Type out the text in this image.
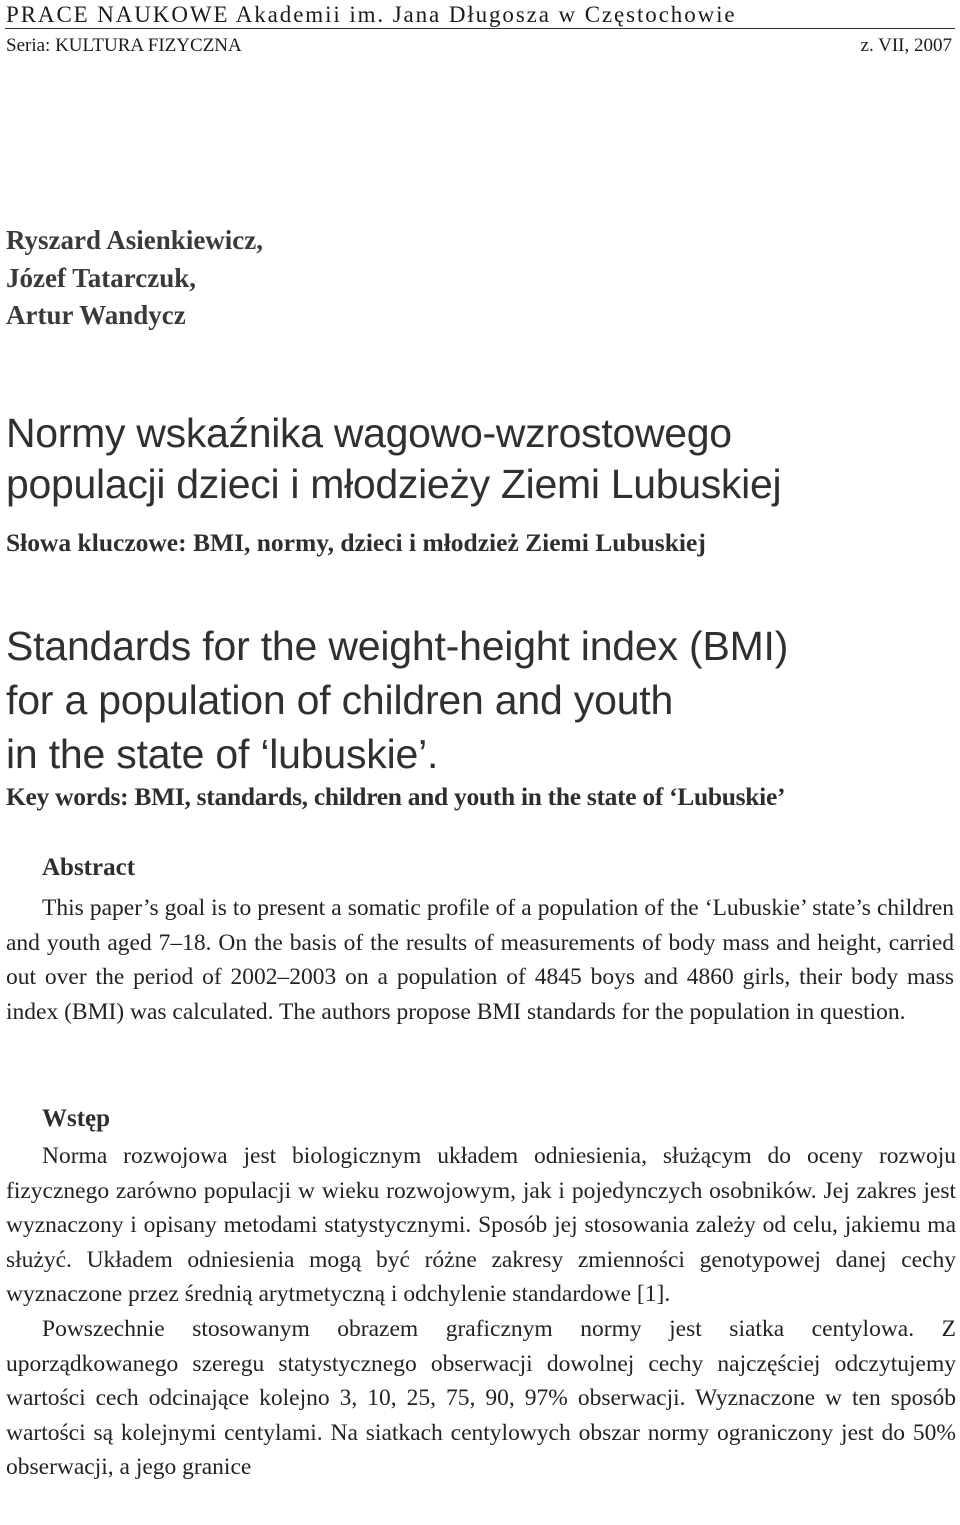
PRACE NAUKOWE Akademii im. Jana Długosza w Częstochowie
Seria: KULTURA FIZYCZNA	z. VII, 2007
Ryszard Asienkiewicz,
Józef Tatarczuk,
Artur Wandycz
Normy wskaźnika wagowo-wzrostowego
populacji dzieci i młodzieży Ziemi Lubuskiej
Słowa kluczowe: BMI, normy, dzieci i młodzież Ziemi Lubuskiej
Standards for the weight-height index (BMI)
for a population of children and youth
in the state of ‘lubuskie’.
Key words: BMI, standards, children and youth in the state of ‘Lubuskie’
Abstract
This paper’s goal is to present a somatic profile of a population of the ‘Lubuskie’ state’s children and youth aged 7–18. On the basis of the results of measurements of body mass and height, carried out over the period of 2002–2003 on a population of 4845 boys and 4860 girls, their body mass index (BMI) was calculated. The authors propose BMI standards for the population in question.
Wstęp

Norma rozwojowa jest biologicznym układem odniesienia, służącym do oceny rozwoju fizycznego zarówno populacji w wieku rozwojowym, jak i pojedynczych osobników. Jej zakres jest wyznaczony i opisany metodami statystycznymi. Sposób jej stosowania zależy od celu, jakiemu ma służyć. Układem odniesienia mogą być różne zakresy zmienności genotypowej danej cechy wyznaczone przez średnią arytmetyczną i odchylenie standardowe [1].

Powszechnie stosowanym obrazem graficznym normy jest siatka centylowa. Z uporządkowanego szeregu statystycznego obserwacji dowolnej cechy najczęściej odczytujemy wartości cech odcinające kolejno 3, 10, 25, 75, 90, 97% obserwacji. Wyznaczone w ten sposób wartości są kolejnymi centylami. Na siatkach centylowych obszar normy ograniczony jest do 50% obserwacji, a jego granice
